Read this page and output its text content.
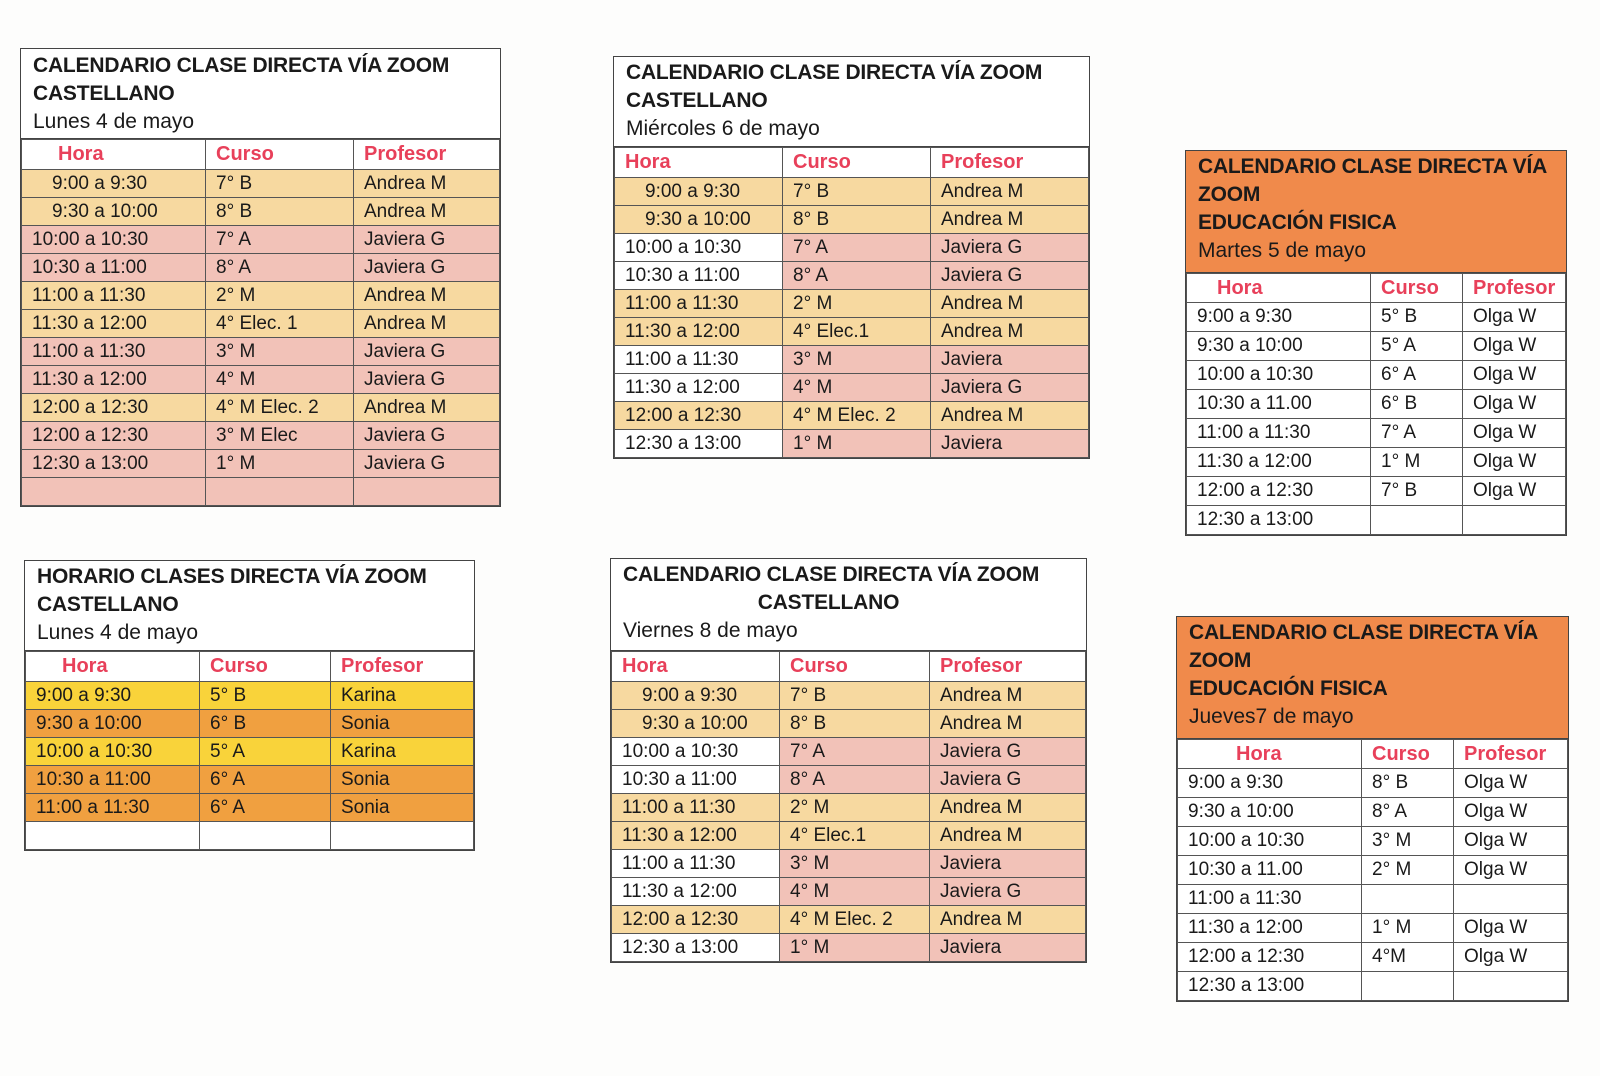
CALENDARIO CLASE DIRECTA VÍA ZOOM
CASTELLANO
Lunes 4 de mayo
Hora	Curso	Profesor
9:00 a 9:30	7° B	Andrea M
9:30 a 10:00	8° B	Andrea M
10:00 a 10:30	7° A	Javiera G
10:30 a 11:00	8° A	Javiera G
11:00 a 11:30	2° M	Andrea M
11:30 a 12:00	4° Elec. 1	Andrea M
11:00 a 11:30	3° M	Javiera G
11:30 a 12:00	4° M	Javiera G
12:00 a 12:30	4° M Elec. 2	Andrea M
12:00 a 12:30	3° M Elec	Javiera G
12:30 a 13:00	1° M	Javiera G

CALENDARIO CLASE DIRECTA VÍA ZOOM
CASTELLANO
Miércoles 6 de mayo
Hora	Curso	Profesor
9:00 a 9:30	7° B	Andrea M
9:30 a 10:00	8° B	Andrea M
10:00 a 10:30	7° A	Javiera G
10:30 a 11:00	8° A	Javiera G
11:00 a 11:30	2° M	Andrea M
11:30 a 12:00	4° Elec.1	Andrea M
11:00 a 11:30	3° M	Javiera
11:30 a 12:00	4° M	Javiera G
12:00 a 12:30	4° M Elec. 2	Andrea M
12:30 a 13:00	1° M	Javiera
CALENDARIO CLASE DIRECTA VÍA
ZOOM
EDUCACIÓN FISICA
Martes 5 de mayo
Hora	Curso	Profesor
9:00 a 9:30	5° B	Olga W
9:30 a 10:00	5° A	Olga W
10:00 a 10:30	6° A	Olga W
10:30 a 11.00	6° B	Olga W
11:00 a 11:30	7° A	Olga W
11:30 a 12:00	1° M	Olga W
12:00 a 12:30	7° B	Olga W
12:30 a 13:00		
HORARIO CLASES DIRECTA VÍA ZOOM
CASTELLANO
Lunes 4 de mayo
Hora	Curso	Profesor
9:00 a 9:30	5° B	Karina
9:30 a 10:00	6° B	Sonia
10:00 a 10:30	5° A	Karina
10:30 a 11:00	6° A	Sonia
11:00 a 11:30	6° A	Sonia

CALENDARIO CLASE DIRECTA VÍA ZOOM
CASTELLANO
Viernes 8 de mayo
Hora	Curso	Profesor
9:00 a 9:30	7° B	Andrea M
9:30 a 10:00	8° B	Andrea M
10:00 a 10:30	7° A	Javiera G
10:30 a 11:00	8° A	Javiera G
11:00 a 11:30	2° M	Andrea M
11:30 a 12:00	4° Elec.1	Andrea M
11:00 a 11:30	3° M	Javiera
11:30 a 12:00	4° M	Javiera G
12:00 a 12:30	4° M Elec. 2	Andrea M
12:30 a 13:00	1° M	Javiera
CALENDARIO CLASE DIRECTA VÍA
ZOOM
EDUCACIÓN FISICA
Jueves7 de mayo
Hora	Curso	Profesor
9:00 a 9:30	8° B	Olga W
9:30 a 10:00	8° A	Olga W
10:00 a 10:30	3° M	Olga W
10:30 a 11.00	2° M	Olga W
11:00 a 11:30		
11:30 a 12:00	1° M	Olga W
12:00 a 12:30	4°M	Olga W
12:30 a 13:00		
